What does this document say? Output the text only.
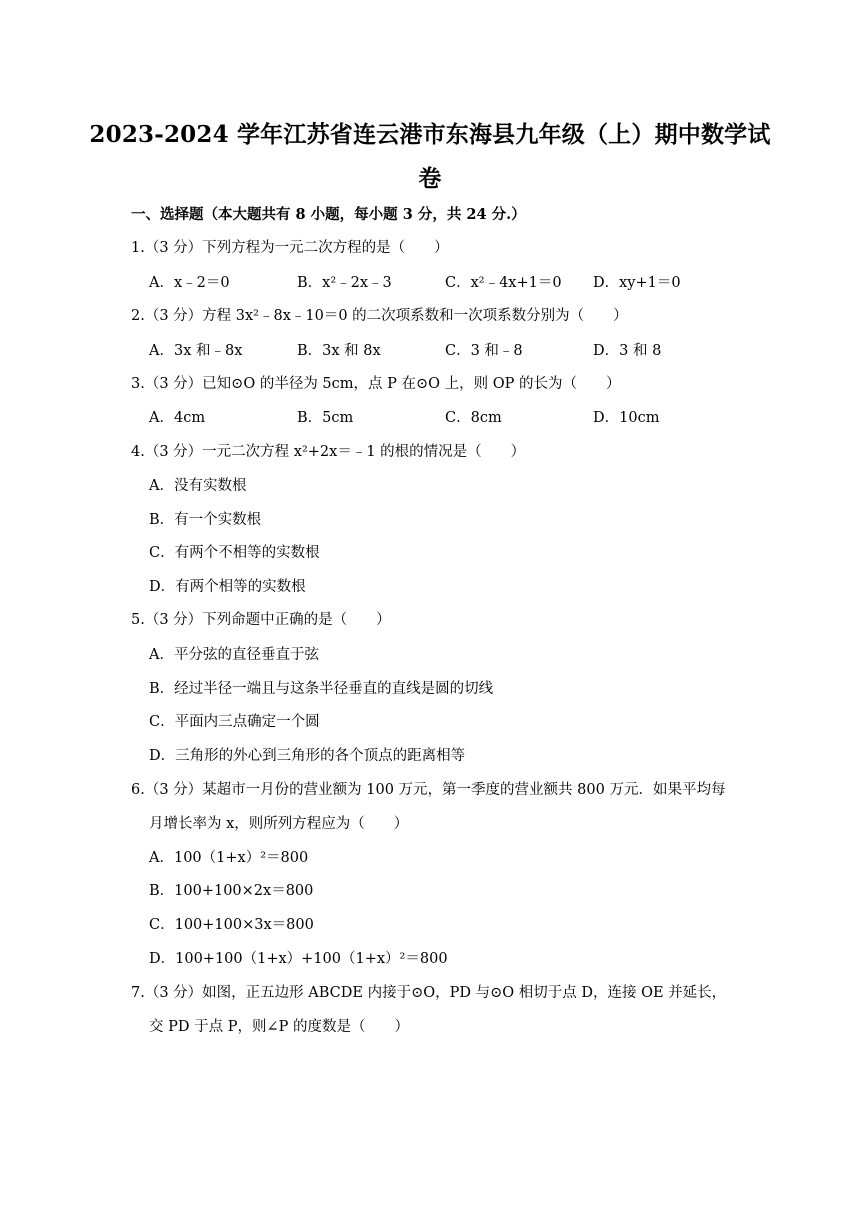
2023-2024 学年江苏省连云港市东海县九年级（上）期中数学试
卷
一、选择题（本大题共有 8 小题，每小题 3 分，共 24 分.）
1.（3 分）下列方程为一元二次方程的是（　　）
A．x﹣2＝0	B．x²﹣2x﹣3	C．x²﹣4x+1＝0 D．xy+1＝0
2.（3 分）方程 3x²﹣8x﹣10＝0 的二次项系数和一次项系数分别为（　　）
A．3x 和﹣8x	B．3x 和 8x	C．3 和﹣8	D．3 和 8
3.（3 分）已知⊙O 的半径为 5cm，点 P 在⊙O 上，则 OP 的长为（　　）
A．4cm	B．5cm	C．8cm	D．10cm
4.（3 分）一元二次方程 x²+2x＝﹣1 的根的情况是（　　）
A．没有实数根
B．有一个实数根
C．有两个不相等的实数根
D．有两个相等的实数根
5.（3 分）下列命题中正确的是（　　）
A．平分弦的直径垂直于弦
B．经过半径一端且与这条半径垂直的直线是圆的切线
C．平面内三点确定一个圆
D．三角形的外心到三角形的各个顶点的距离相等
6.（3 分）某超市一月份的营业额为 100 万元，第一季度的营业额共 800 万元．如果平均每
月增长率为 x，则所列方程应为（　　）
A．100（1+x）²＝800
B．100+100×2x＝800
C．100+100×3x＝800
D．100+100（1+x）+100（1+x）²＝800
7.（3 分）如图，正五边形 ABCDE 内接于⊙O，PD 与⊙O 相切于点 D，连接 OE 并延长，
交 PD 于点 P，则∠P 的度数是（　　）
